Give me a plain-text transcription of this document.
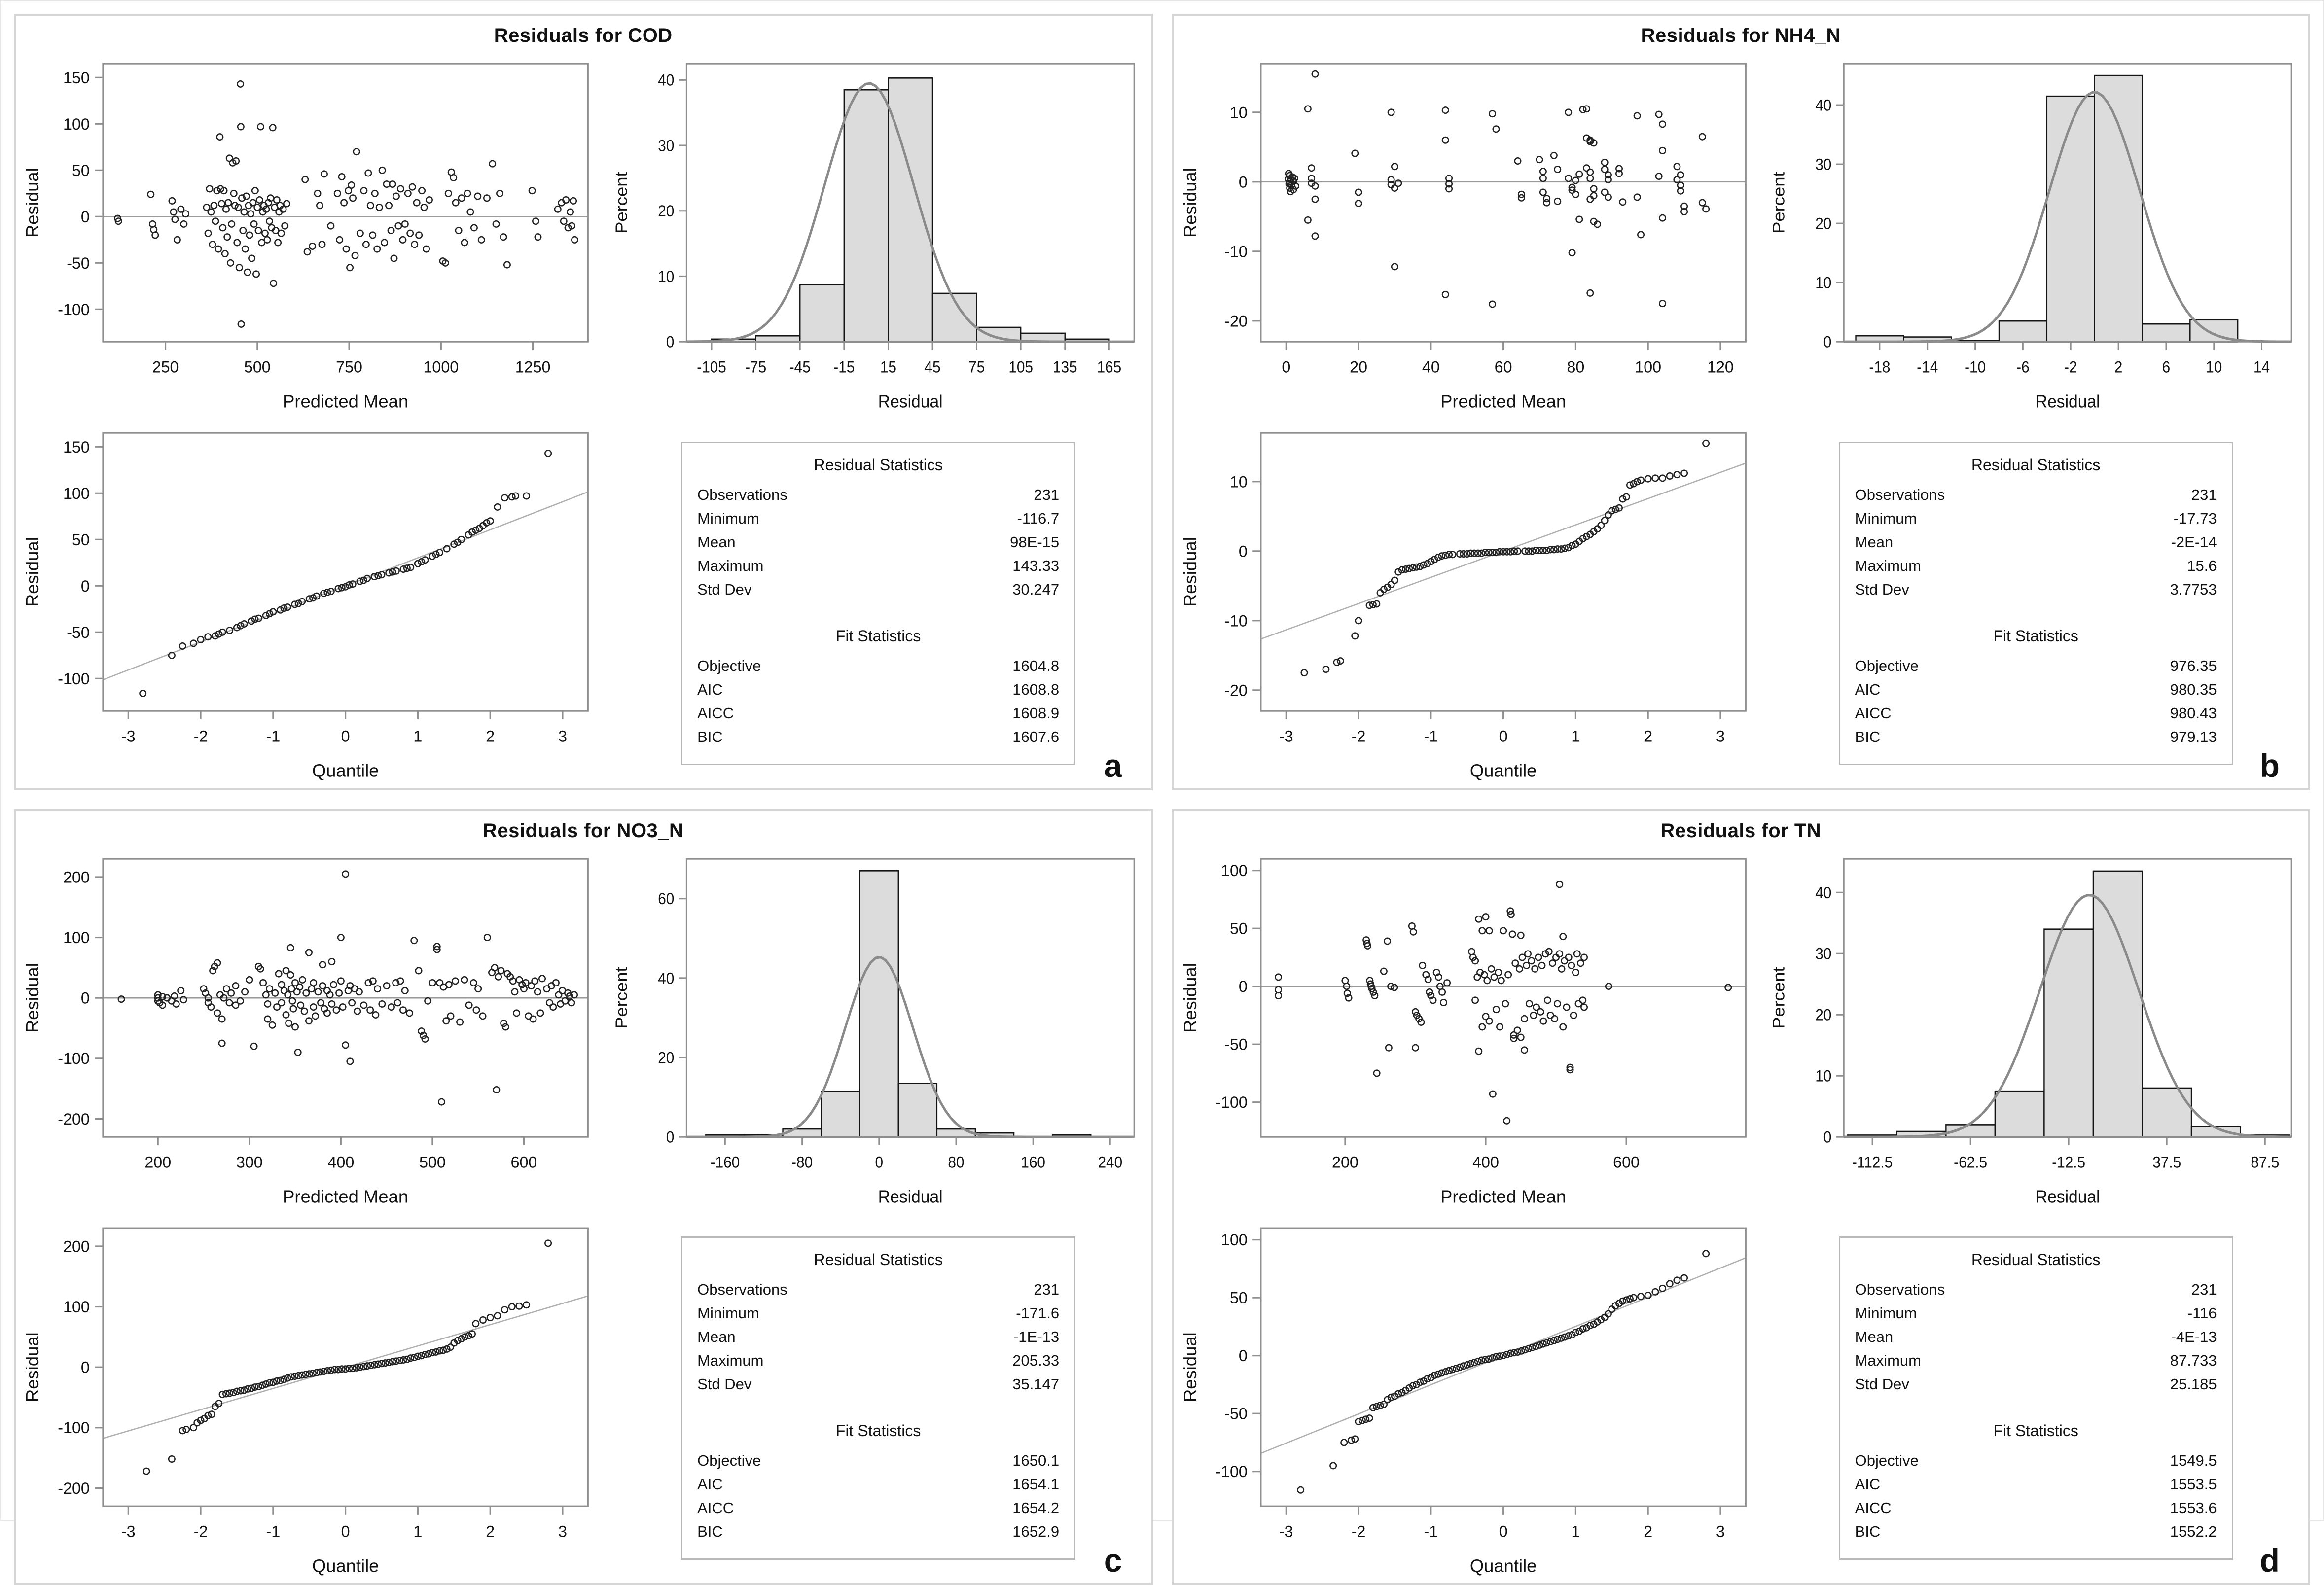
Residuals for COD
250	500	750	1000	1250
-100
-50
0
50
100
150
Predicted Mean
Residual
-105 -75 -45 -15 15 45 75 105 135 165
0
10
20
30
40
Residual
Percent
-3	-2	-1	0	1	2	3
-100
-50
0
50
100
150
Quantile
Residual
Residual Statistics
Observations	231
Minimum	-116.7
Mean	98E-15
Maximum	143.33
Std Dev	30.247
Fit Statistics
Objective	1604.8
AIC	1608.8
AICC	1608.9
BIC	1607.6
a
Residuals for NH4_N
0	20	40	60	80	100	120
-20
-10
0
10
Predicted Mean
Residual
-18 -14 -10 -6 -2 2	6 10 14
0
10
20
30
40
Residual
Percent
-3	-2	-1	0	1	2	3
-20
-10
0
10
Quantile
Residual
Residual Statistics
Observations	231
Minimum	-17.73
Mean	-2E-14
Maximum	15.6
Std Dev	3.7753
Fit Statistics
Objective	976.35
AIC	980.35
AICC	980.43
BIC	979.13
b
Residuals for NO3_N
200	300	400	500	600
-200
-100
0
100
200
Predicted Mean
Residual
-160	-80	0	80	160	240
0
20
40
60
Residual
Percent
-3	-2	-1	0	1	2	3
-200
-100
0
100
200
Quantile
Residual
Residual Statistics
Observations	231
Minimum	-171.6
Mean	-1E-13
Maximum	205.33
Std Dev	35.147
Fit Statistics
Objective	1650.1
AIC	1654.1
AICC	1654.2
BIC	1652.9
c
Residuals for TN
200	400	600
-100
-50
0
50
100
Predicted Mean
Residual
-112.5	-62.5	-12.5	37.5	87.5
0
10
20
30
40
Residual
Percent
-3	-2	-1	0	1	2	3
-100
-50
0
50
100
Quantile
Residual
Residual Statistics
Observations	231
Minimum	-116
Mean	-4E-13
Maximum	87.733
Std Dev	25.185
Fit Statistics
Objective	1549.5
AIC	1553.5
AICC	1553.6
BIC	1552.2
d
